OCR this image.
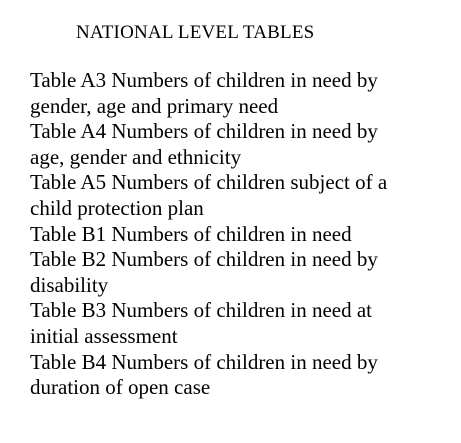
NATIONAL LEVEL TABLES
Table A3 Numbers of children in need by
gender, age and primary need
Table A4 Numbers of children in need by
age, gender and ethnicity
Table A5 Numbers of children subject of a
child protection plan
Table B1 Numbers of children in need
Table B2 Numbers of children in need by
disability
Table B3 Numbers of children in need at
initial assessment
Table B4 Numbers of children in need by
duration of open case
